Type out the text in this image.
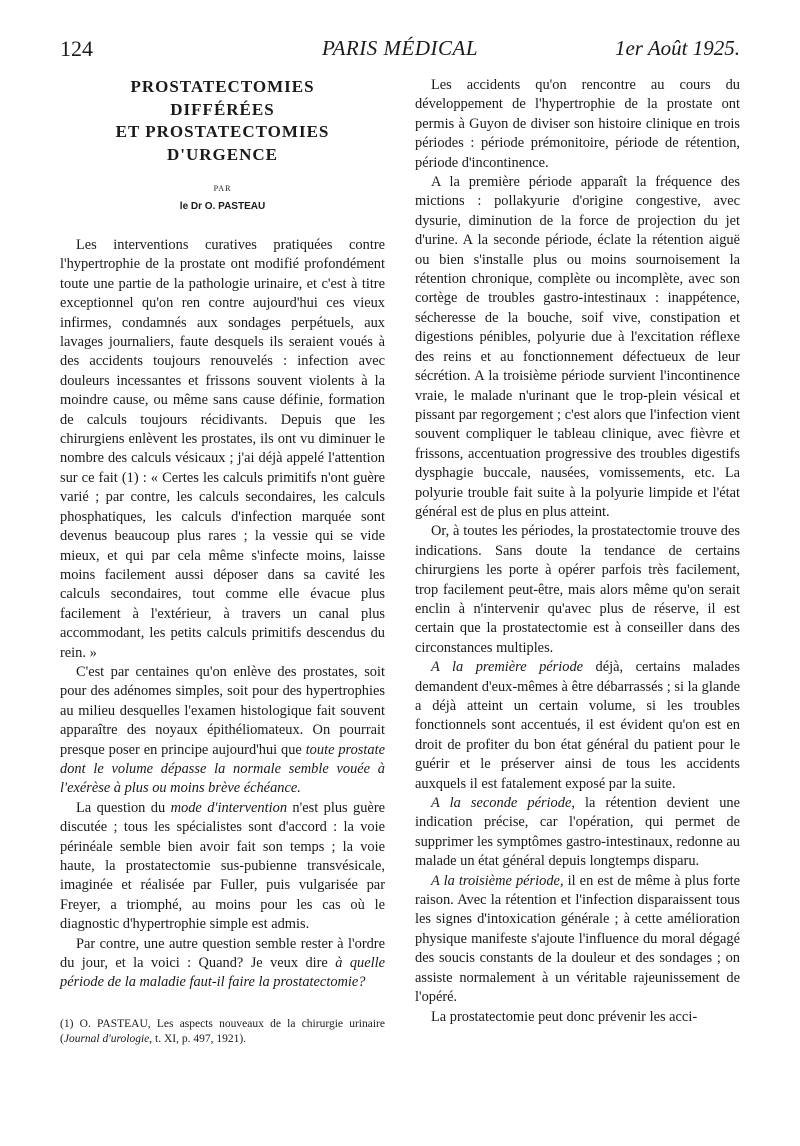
PARIS MÉDICAL
124	1er Août 1925.
PROSTATECTOMIES
DIFFÉRÉES
ET PROSTATECTOMIES
D'URGENCE
PAR
le Dr O. PASTEAU

Les interventions curatives pratiquées contre l'hypertrophie de la prostate ont modifié profondément toute une partie de la pathologie urinaire, et c'est à titre exceptionnel qu'on ren contre aujourd'hui ces vieux infirmes, condamnés aux sondages perpétuels, aux lavages journaliers, faute desquels ils seraient voués à des accidents toujours renouvelés : infection avec douleurs incessantes et frissons souvent violents à la moindre cause, ou même sans cause définie, formation de calculs toujours récidivants. Depuis que les chirurgiens enlèvent les prostates, ils ont vu diminuer le nombre des calculs vésicaux ; j'ai déjà appelé l'attention sur ce fait (1) : « Certes les calculs primitifs n'ont guère varié ; par contre, les calculs secondaires, les calculs phosphatiques, les calculs d'infection marquée sont devenus beaucoup plus rares ; la vessie qui se vide mieux, et qui par cela même s'infecte moins, laisse moins facilement aussi déposer dans sa cavité les calculs secondaires, tout comme elle évacue plus facilement à l'extérieur, à travers un canal plus accommodant, les petits calculs primitifs descendus du rein. »

C'est par centaines qu'on enlève des prostates, soit pour des adénomes simples, soit pour des hypertrophies au milieu desquelles l'examen histologique fait souvent apparaître des noyaux épithéliomateux. On pourrait presque poser en principe aujourd'hui que toute prostate dont le volume dépasse la normale semble vouée à l'exérèse à plus ou moins brève échéance.

La question du mode d'intervention n'est plus guère discutée ; tous les spécialistes sont d'accord : la voie périnéale semble bien avoir fait son temps ; la voie haute, la prostatectomie sus-pubienne transvésicale, imaginée et réalisée par Fuller, puis vulgarisée par Freyer, a triomphé, au moins pour les cas où le diagnostic d'hypertrophie simple est admis.

Par contre, une autre question semble rester à l'ordre du jour, et la voici : Quand? Je veux dire à quelle période de la maladie faut-il faire la prostatectomie?

(1) O. PASTEAU, Les aspects nouveaux de la chirurgie urinaire (Journal d'urologie, t. XI, p. 497, 1921).

Les accidents qu'on rencontre au cours du développement de l'hypertrophie de la prostate ont permis à Guyon de diviser son histoire clinique en trois périodes : période prémonitoire, période de rétention, période d'incontinence.

A la première période apparaît la fréquence des mictions : pollakyurie d'origine congestive, avec dysurie, diminution de la force de projection du jet d'urine. A la seconde période, éclate la rétention aiguë ou bien s'installe plus ou moins sournoisement la rétention chronique, complète ou incomplète, avec son cortège de troubles gastro-intestinaux : inappétence, sécheresse de la bouche, soif vive, constipation et digestions pénibles, polyurie due à l'excitation réflexe des reins et au fonctionnement défectueux de leur sécrétion. A la troisième période survient l'incontinence vraie, le malade n'urinant que le trop-plein vésical et pissant par regorgement ; c'est alors que l'infection vient souvent compliquer le tableau clinique, avec fièvre et frissons, accentuation progressive des troubles digestifs dysphagie buccale, nausées, vomissements, etc. La polyurie trouble fait suite à la polyurie limpide et l'état général est de plus en plus atteint.

Or, à toutes les périodes, la prostatectomie trouve des indications. Sans doute la tendance de certains chirurgiens les porte à opérer parfois très facilement, trop facilement peut-être, mais alors même qu'on serait enclin à n'intervenir qu'avec plus de réserve, il est certain que la prostatectomie est à conseiller dans des circonstances multiples.

A la première période déjà, certains malades demandent d'eux-mêmes à être débarrassés ; si la glande a déjà atteint un certain volume, si les troubles fonctionnels sont accentués, il est évident qu'on est en droit de profiter du bon état général du patient pour le guérir et le préserver ainsi de tous les accidents auxquels il est fatalement exposé par la suite.

A la seconde période, la rétention devient une indication précise, car l'opération, qui permet de supprimer les symptômes gastro-intestinaux, redonne au malade un état général depuis longtemps disparu.

A la troisième période, il en est de même à plus forte raison. Avec la rétention et l'infection disparaissent tous les signes d'intoxication générale ; à cette amélioration physique manifeste s'ajoute l'influence du moral dégagé des soucis constants de la douleur et des sondages ; on assiste normalement à un véritable rajeunissement de l'opéré.

La prostatectomie peut donc prévenir les acci-
